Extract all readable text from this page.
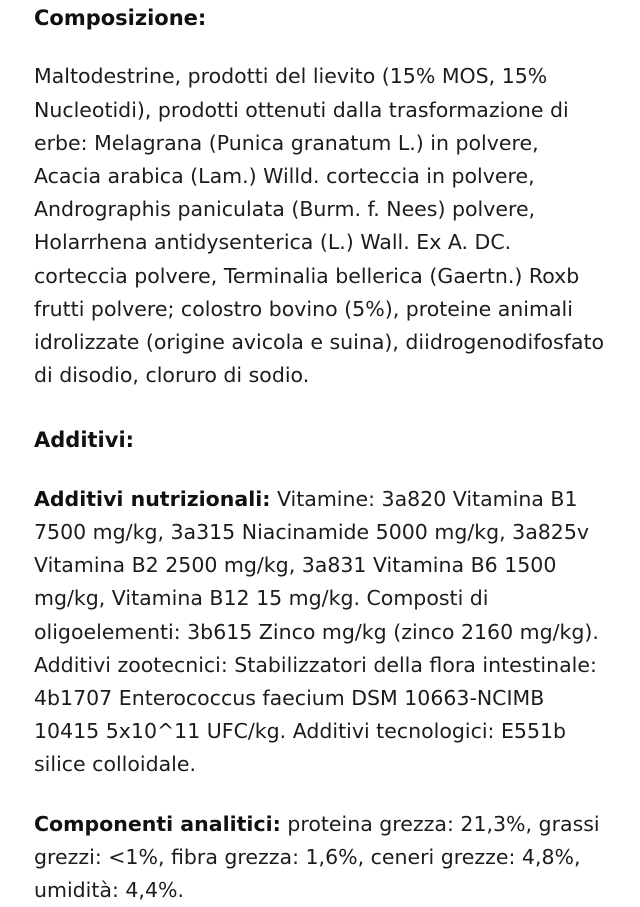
Composizione:

Maltodestrine, prodotti del lievito (15% MOS, 15% Nucleotidi), prodotti ottenuti dalla trasformazione di erbe: Melagrana (Punica granatum L.) in polvere, Acacia arabica (Lam.) Willd. corteccia in polvere, Andrographis paniculata (Burm. f. Nees) polvere, Holarrhena antidysenterica (L.) Wall. Ex A. DC. corteccia polvere, Terminalia bellerica (Gaertn.) Roxb frutti polvere; colostro bovino (5%), proteine animali idrolizzate (origine avicola e suina), diidrogenodifosfato di disodio, cloruro di sodio.

Additivi:

Additivi nutrizionali: Vitamine: 3a820 Vitamina B1 7500 mg/kg, 3a315 Niacinamide 5000 mg/kg, 3a825v Vitamina B2 2500 mg/kg, 3a831 Vitamina B6 1500 mg/kg, Vitamina B12 15 mg/kg. Composti di oligoelementi: 3b615 Zinco mg/kg (zinco 2160 mg/kg). Additivi zootecnici: Stabilizzatori della flora intestinale: 4b1707 Enterococcus faecium DSM 10663-NCIMB 10415 5x10^11 UFC/kg. Additivi tecnologici: E551b silice colloidale.

Componenti analitici: proteina grezza: 21,3%, grassi grezzi: <1%, fibra grezza: 1,6%, ceneri grezze: 4,8%, umidità: 4,4%.
